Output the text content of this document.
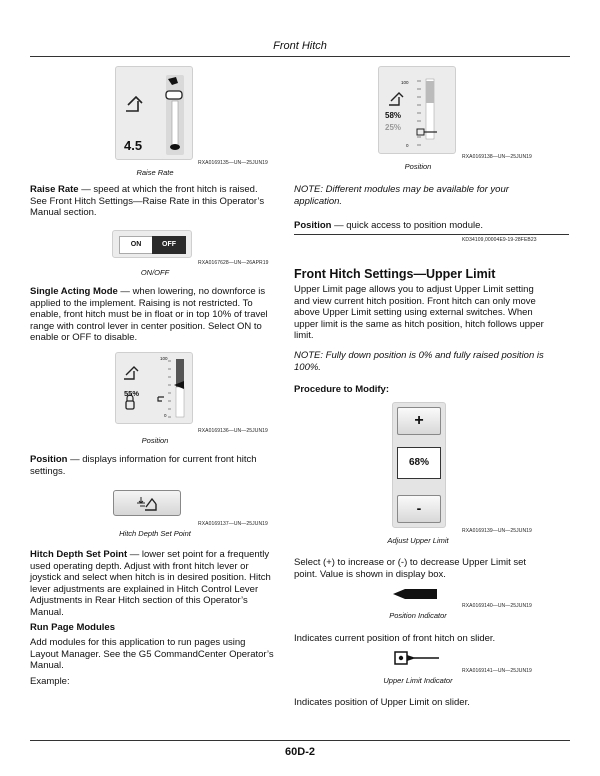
Front Hitch
4.5
RXA0169135—UN—25JUN19
Raise Rate
Raise Rate — speed at which the front hitch is raised. See Front Hitch Settings—Raise Rate in this Operator’s Manual section.
ON	OFF
RXA0167628—UN—26APR19
ON/OFF
Single Acting Mode — when lowering, no downforce is applied to the implement. Raising is not restricted. To enable, front hitch must be in float or in top 10% of travel range with control lever in center position. Select ON to enable or OFF to disable.
100
55%
0
RXA0169136—UN—25JUN19
Position
Position — displays information for current front hitch settings.
RXA0169137—UN—25JUN19
Hitch Depth Set Point
Hitch Depth Set Point — lower set point for a frequently used operating depth. Adjust with front hitch lever or joystick and select when hitch is in desired position. Hitch lever adjustments are explained in Hitch Control Lever Adjustments in Rear Hitch section of this Operator’s Manual.
Run Page Modules
Add modules for this application to run pages using Layout Manager. See the G5 CommandCenter Operator’s Manual.
Example:
100
58%
25%
0
RXA0169138—UN—25JUN19
Position
NOTE: Different modules may be available for your application.
Position — quick access to position module.
KD34109,00004E9-19-28FEB23
Front Hitch Settings—Upper Limit
Upper Limit page allows you to adjust Upper Limit setting and view current hitch position. Front hitch can only move above Upper Limit setting using external switches. When upper limit is the same as hitch position, hitch follows upper limit.
NOTE: Fully down position is 0% and fully raised position is 100%.
Procedure to Modify:
+
68%
-
RXA0169139—UN—25JUN19
Adjust Upper Limit
Select (+) to increase or (-) to decrease Upper Limit set point. Value is shown in display box.
RXA0169140—UN—25JUN19
Position Indicator
Indicates current position of front hitch on slider.
RXA0169141—UN—25JUN19
Upper Limit Indicator
Indicates position of Upper Limit on slider.
60D-2
